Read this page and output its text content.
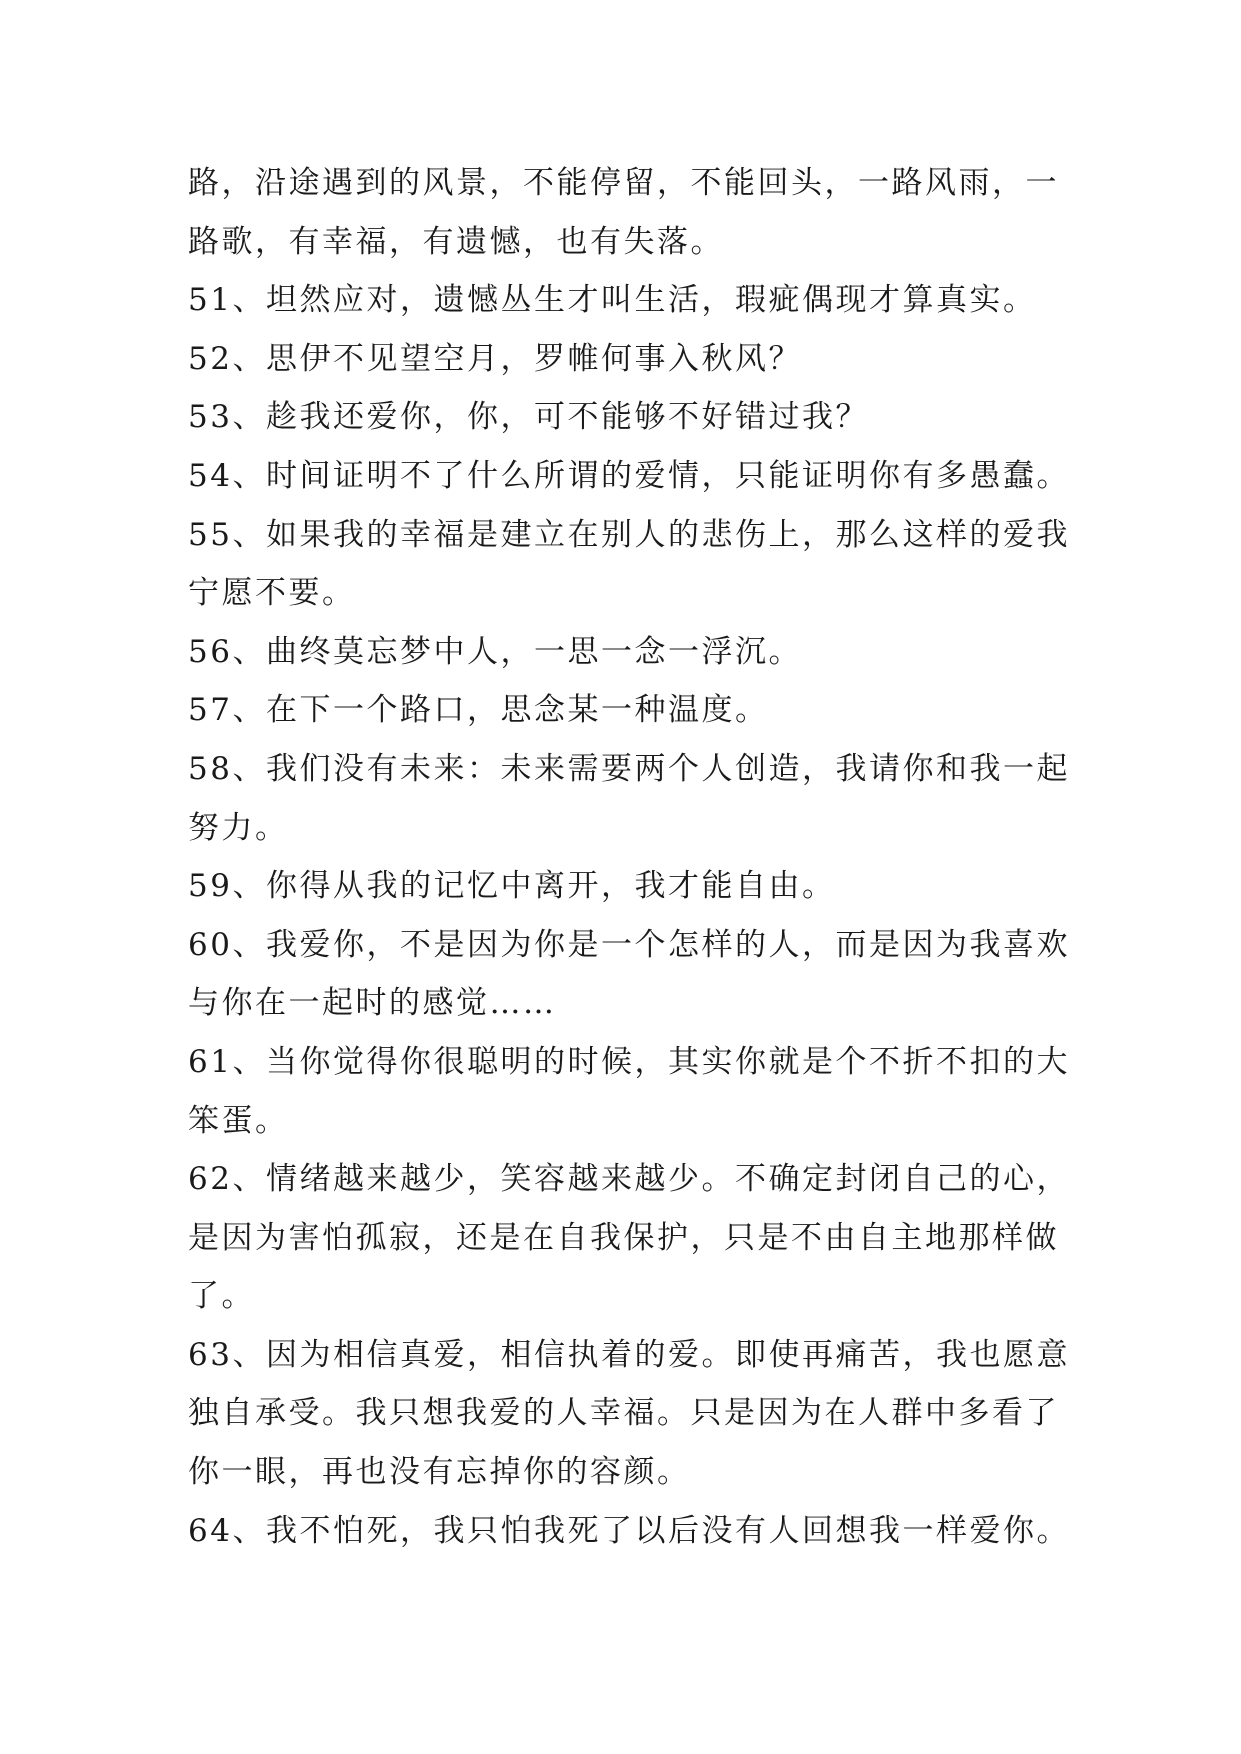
路，沿途遇到的风景，不能停留，不能回头，一路风雨，一
路歌，有幸福，有遗憾，也有失落。
51、坦然应对，遗憾丛生才叫生活，瑕疵偶现才算真实。
52、思伊不见望空月，罗帷何事入秋风？
53、趁我还爱你，你，可不能够不好错过我？
54、时间证明不了什么所谓的爱情，只能证明你有多愚蠢。
55、如果我的幸福是建立在别人的悲伤上，那么这样的爱我
宁愿不要。
56、曲终莫忘梦中人，一思一念一浮沉。
57、在下一个路口，思念某一种温度。
58、我们没有未来：未来需要两个人创造，我请你和我一起
努力。
59、你得从我的记忆中离开，我才能自由。
60、我爱你，不是因为你是一个怎样的人，而是因为我喜欢
与你在一起时的感觉……
61、当你觉得你很聪明的时候，其实你就是个不折不扣的大
笨蛋。
62、情绪越来越少，笑容越来越少。不确定封闭自己的心，
是因为害怕孤寂，还是在自我保护，只是不由自主地那样做
了。
63、因为相信真爱，相信执着的爱。即使再痛苦，我也愿意
独自承受。我只想我爱的人幸福。只是因为在人群中多看了
你一眼，再也没有忘掉你的容颜。
64、我不怕死，我只怕我死了以后没有人回想我一样爱你。
